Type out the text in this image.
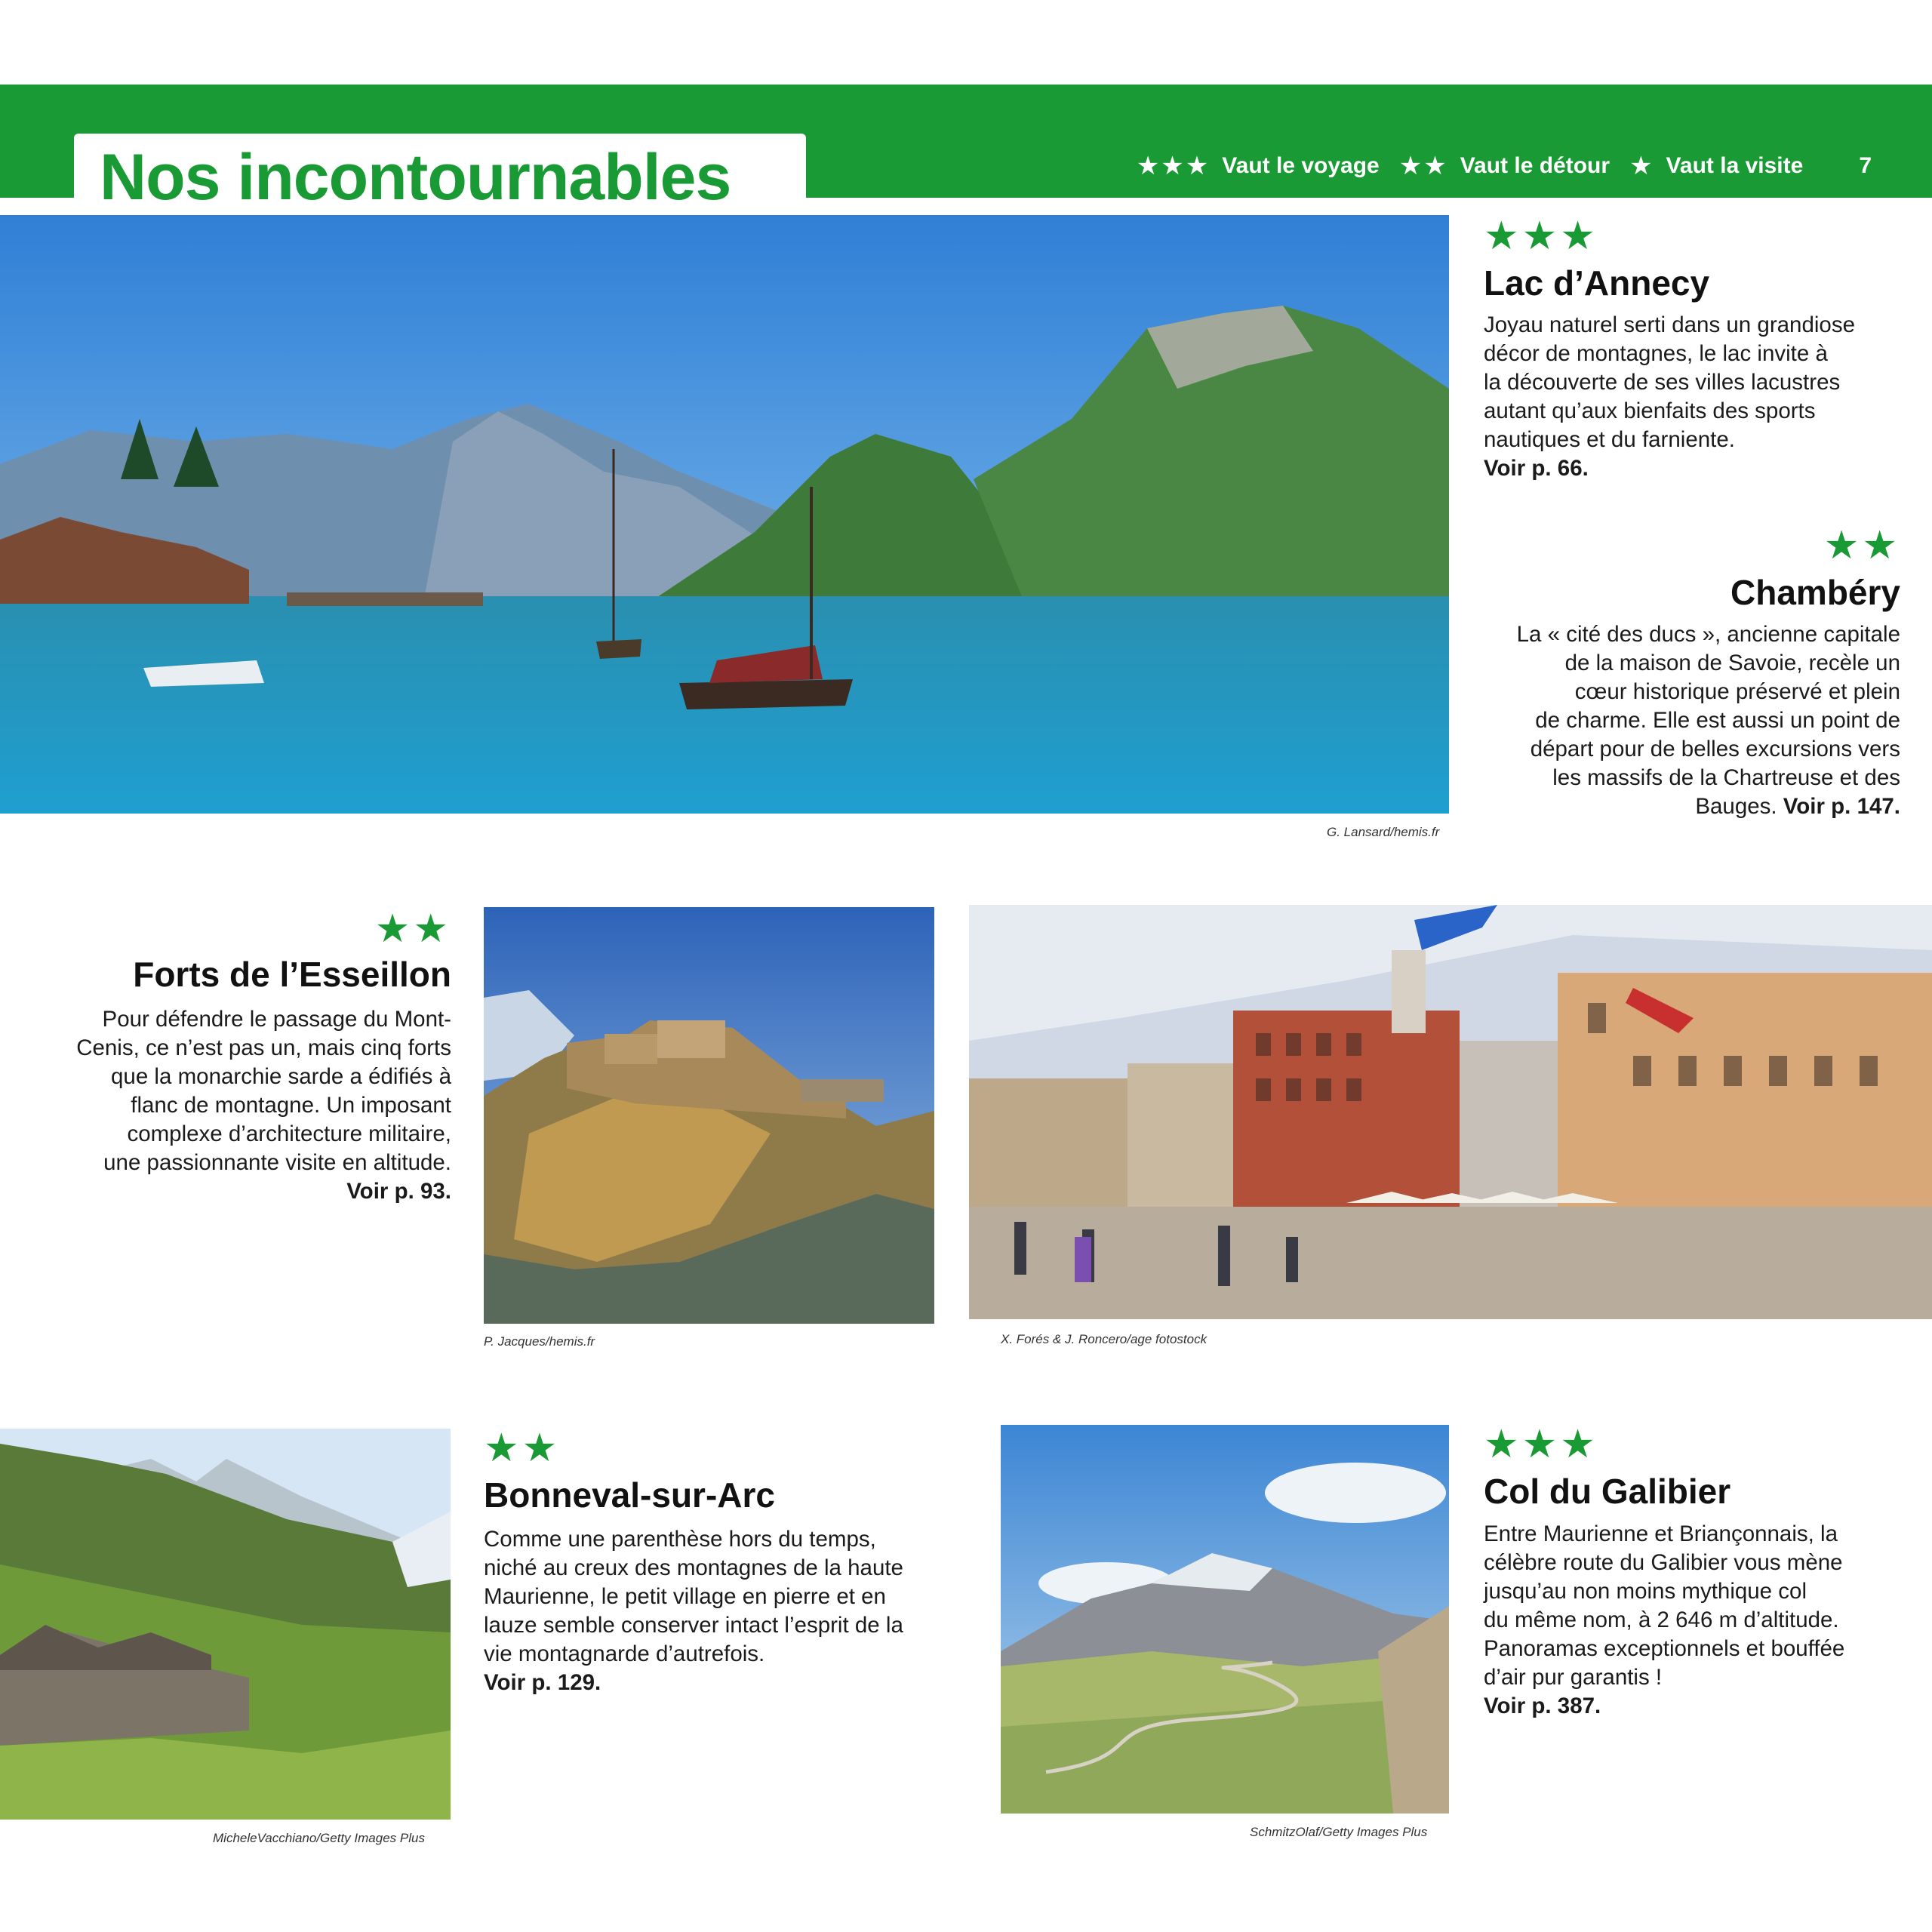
Nos incontournables	★★★ Vaut le voyage ★★ Vaut le détour ★ Vaut la visite 7
G. Lansard/hemis.fr
★★★
Lac d’Annecy
Joyau naturel serti dans un grandiose
décor de montagnes, le lac invite à
la découverte de ses villes lacustres
autant qu’aux bienfaits des sports
nautiques et du farniente.
Voir p. 66.
★★
Chambéry
La « cité des ducs », ancienne capitale
de la maison de Savoie, recèle un
cœur historique préservé et plein
de charme. Elle est aussi un point de
départ pour de belles excursions vers
les massifs de la Chartreuse et des
Bauges. Voir p. 147.
★★
Forts de l’Esseillon
Pour défendre le passage du Mont-
Cenis, ce n’est pas un, mais cinq forts
que la monarchie sarde a édifiés à
flanc de montagne. Un imposant
complexe d’architecture militaire,
une passionnante visite en altitude.
Voir p. 93.
P. Jacques/hemis.fr	X. Forés & J. Roncero/age fotostock
MicheleVacchiano/Getty Images Plus
★★
Bonneval-sur-Arc
Comme une parenthèse hors du temps,
niché au creux des montagnes de la haute
Maurienne, le petit village en pierre et en
lauze semble conserver intact l’esprit de la
vie montagnarde d’autrefois.
Voir p. 129.
SchmitzOlaf/Getty Images Plus
★★★
Col du Galibier
Entre Maurienne et Briançonnais, la
célèbre route du Galibier vous mène
jusqu’au non moins mythique col
du même nom, à 2 646 m d’altitude.
Panoramas exceptionnels et bouffée
d’air pur garantis !
Voir p. 387.
